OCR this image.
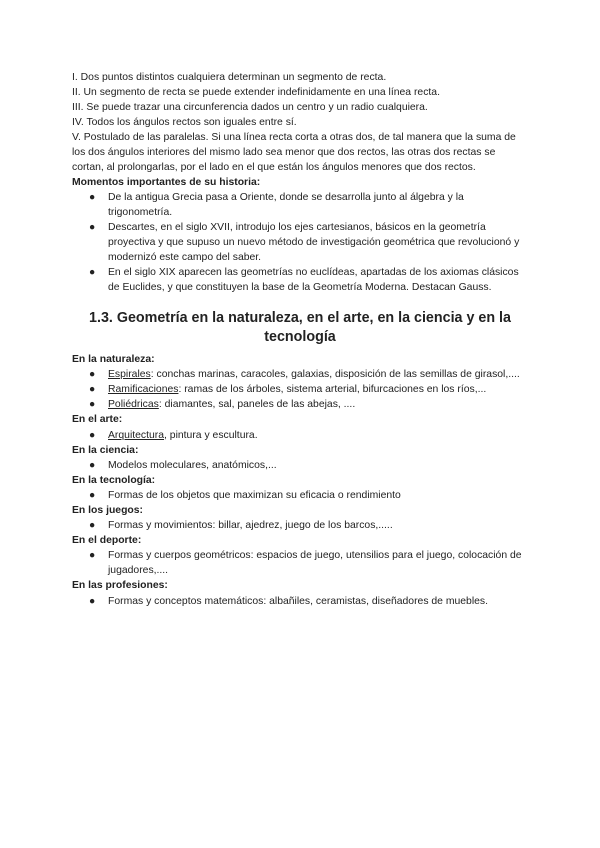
I. Dos puntos distintos cualquiera determinan un segmento de recta.

II. Un segmento de recta se puede extender indefinidamente en una línea recta.

III. Se puede trazar una circunferencia dados un centro y un radio cualquiera.

IV. Todos los ángulos rectos son iguales entre sí.

V. Postulado de las paralelas. Si una línea recta corta a otras dos, de tal manera que la suma de los dos ángulos interiores del mismo lado sea menor que dos rectos, las otras dos rectas se cortan, al prolongarlas, por el lado en el que están los ángulos menores que dos rectos.

Momentos importantes de su historia:

● De la antigua Grecia pasa a Oriente, donde se desarrolla junto al álgebra y la trigonometría.
● Descartes, en el siglo XVII, introdujo los ejes cartesianos, básicos en la geometría proyectiva y que supuso un nuevo método de investigación geométrica que revolucionó y modernizó este campo del saber.
● En el siglo XIX aparecen las geometrías no euclídeas, apartadas de los axiomas clásicos de Euclides, y que constituyen la base de la Geometría Moderna. Destacan Gauss.
1.3. Geometría en la naturaleza, en el arte, en la ciencia y en la tecnología

En la naturaleza:

● Espirales: conchas marinas, caracoles, galaxias, disposición de las semillas de girasol,....
● Ramificaciones: ramas de los árboles, sistema arterial, bifurcaciones en los ríos,...
● Poliédricas: diamantes, sal, paneles de las abejas, ....

En el arte:

● Arquitectura, pintura y escultura.

En la ciencia:

● Modelos moleculares, anatómicos,...

En la tecnología:

● Formas de los objetos que maximizan su eficacia o rendimiento

En los juegos:

● Formas y movimientos: billar, ajedrez, juego de los barcos,.....

En el deporte:

● Formas y cuerpos geométricos: espacios de juego, utensilios para el juego, colocación de jugadores,....

En las profesiones:

● Formas y conceptos matemáticos: albañiles, ceramistas, diseñadores de muebles.
